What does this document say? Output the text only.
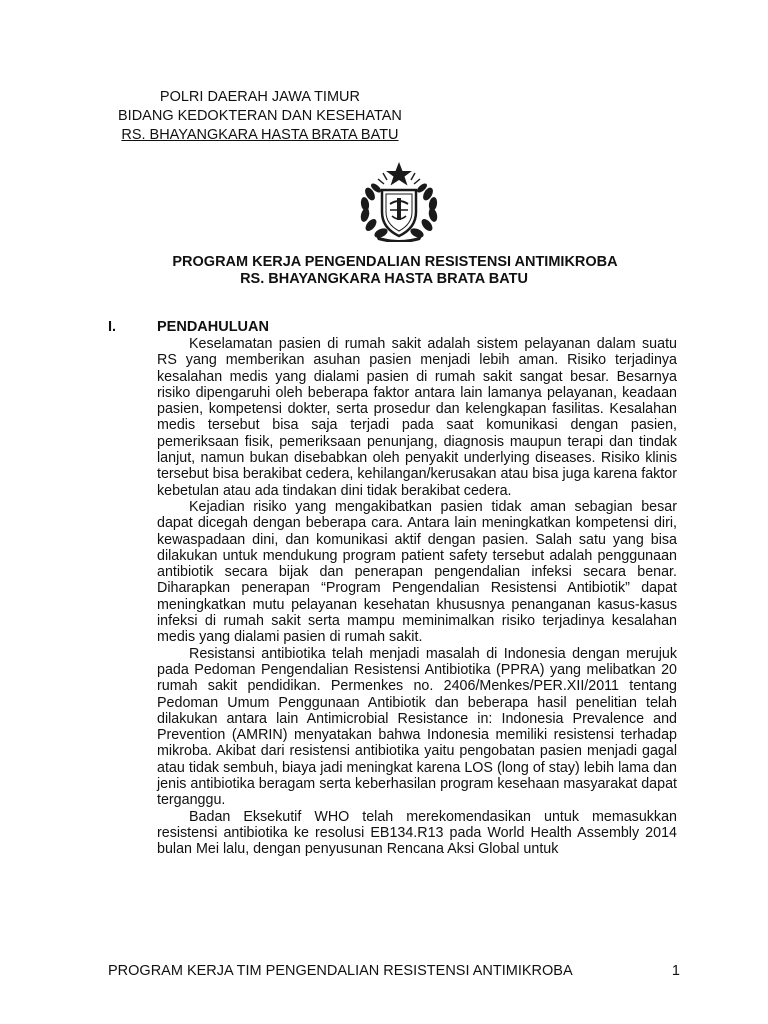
POLRI DAERAH JAWA TIMUR
BIDANG KEDOKTERAN DAN KESEHATAN
RS. BHAYANGKARA HASTA BRATA BATU
PROGRAM KERJA PENGENDALIAN RESISTENSI ANTIMIKROBA
RS. BHAYANGKARA HASTA BRATA BATU
I.	PENDAHULUAN

Keselamatan pasien di rumah sakit adalah sistem pelayanan dalam suatu RS yang memberikan asuhan pasien menjadi lebih aman. Risiko terjadinya kesalahan medis yang dialami pasien di rumah sakit sangat besar. Besarnya risiko dipengaruhi oleh beberapa faktor antara lain lamanya pelayanan, keadaan pasien, kompetensi dokter, serta prosedur dan kelengkapan fasilitas. Kesalahan medis tersebut bisa saja terjadi pada saat komunikasi dengan pasien, pemeriksaan fisik, pemeriksaan penunjang, diagnosis maupun terapi dan tindak lanjut, namun bukan disebabkan oleh penyakit underlying diseases. Risiko klinis tersebut bisa berakibat cedera, kehilangan/kerusakan atau bisa juga karena faktor kebetulan atau ada tindakan dini tidak berakibat cedera.

Kejadian risiko yang mengakibatkan pasien tidak aman sebagian besar dapat dicegah dengan beberapa cara. Antara lain meningkatkan kompetensi diri, kewaspadaan dini, dan komunikasi aktif dengan pasien. Salah satu yang bisa dilakukan untuk mendukung program patient safety tersebut adalah penggunaan antibiotik secara bijak dan penerapan pengendalian infeksi secara benar. Diharapkan penerapan “Program Pengendalian Resistensi Antibiotik” dapat meningkatkan mutu pelayanan kesehatan khususnya penanganan kasus-kasus infeksi di rumah sakit serta mampu meminimalkan risiko terjadinya kesalahan medis yang dialami pasien di rumah sakit.

Resistansi antibiotika telah menjadi masalah di Indonesia dengan merujuk pada Pedoman Pengendalian Resistensi Antibiotika (PPRA) yang melibatkan 20 rumah sakit pendidikan. Permenkes no. 2406/Menkes/PER.XII/2011 tentang Pedoman Umum Penggunaan Antibiotik dan beberapa hasil penelitian telah dilakukan antara lain Antimicrobial Resistance in: Indonesia Prevalence and Prevention (AMRIN) menyatakan bahwa Indonesia memiliki resistensi terhadap mikroba. Akibat dari resistensi antibiotika yaitu pengobatan pasien menjadi gagal atau tidak sembuh, biaya jadi meningkat karena LOS (long of stay) lebih lama dan jenis antibiotika beragam serta keberhasilan program kesehaan masyarakat dapat terganggu.

Badan Eksekutif WHO telah merekomendasikan untuk memasukkan resistensi antibiotika ke resolusi EB134.R13 pada World Health Assembly 2014 bulan Mei lalu, dengan penyusunan Rencana Aksi Global untuk

PROGRAM KERJA TIM PENGENDALIAN RESISTENSI ANTIMIKROBA	1
